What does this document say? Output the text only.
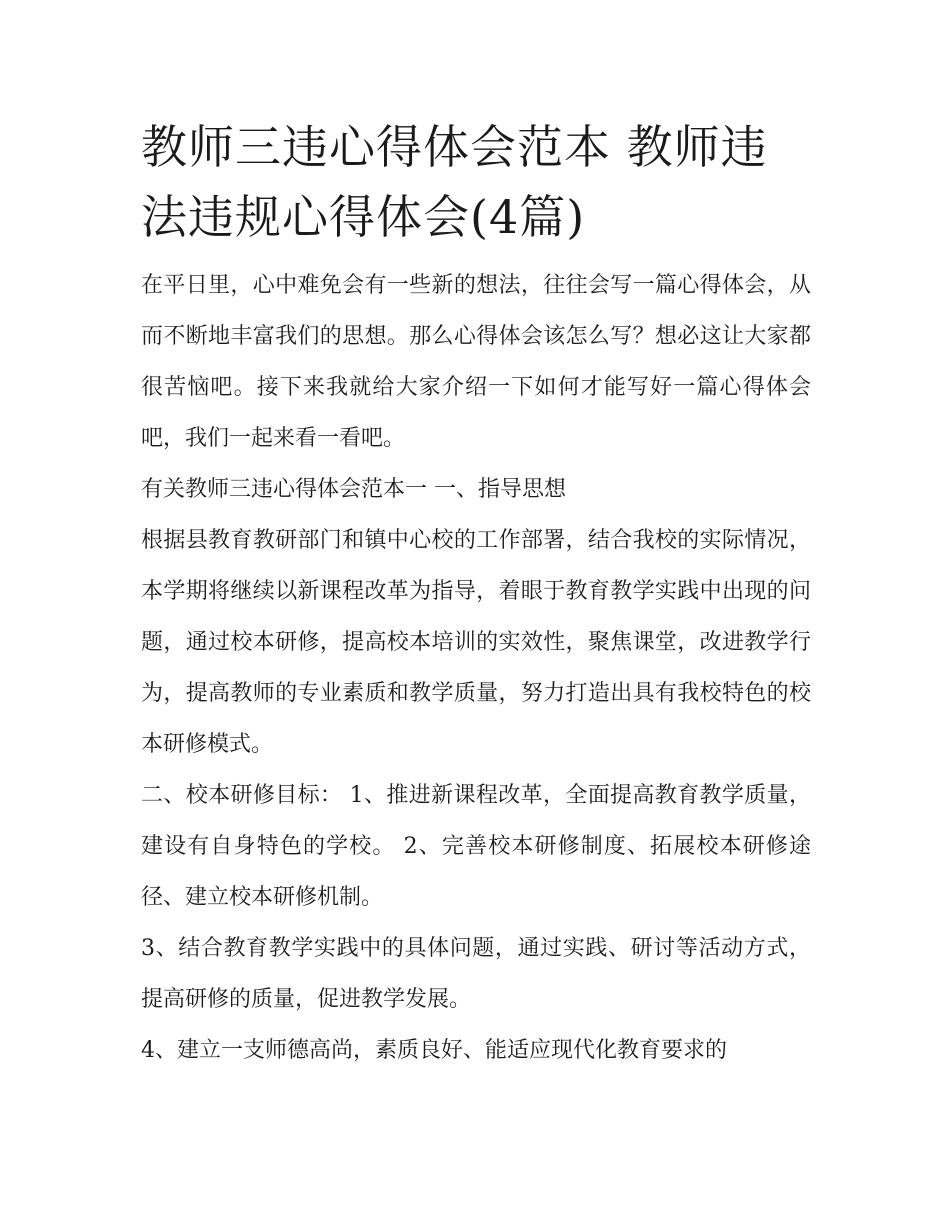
教师三违心得体会范本 教师违法违规心得体会(4篇)

在平日里，心中难免会有一些新的想法，往往会写一篇心得体会，从而不断地丰富我们的思想。那么心得体会该怎么写？想必这让大家都很苦恼吧。接下来我就给大家介绍一下如何才能写好一篇心得体会吧，我们一起来看一看吧。

有关教师三违心得体会范本一 一、指导思想

根据县教育教研部门和镇中心校的工作部署，结合我校的实际情况，本学期将继续以新课程改革为指导，着眼于教育教学实践中出现的问题，通过校本研修，提高校本培训的实效性，聚焦课堂，改进教学行为，提高教师的专业素质和教学质量，努力打造出具有我校特色的校本研修模式。

二、校本研修目标： 1、推进新课程改革，全面提高教育教学质量，建设有自身特色的学校。 2、完善校本研修制度、拓展校本研修途径、建立校本研修机制。

3、结合教育教学实践中的具体问题，通过实践、研讨等活动方式，提高研修的质量，促进教学发展。

4、建立一支师德高尚，素质良好、能适应现代化教育要求的
